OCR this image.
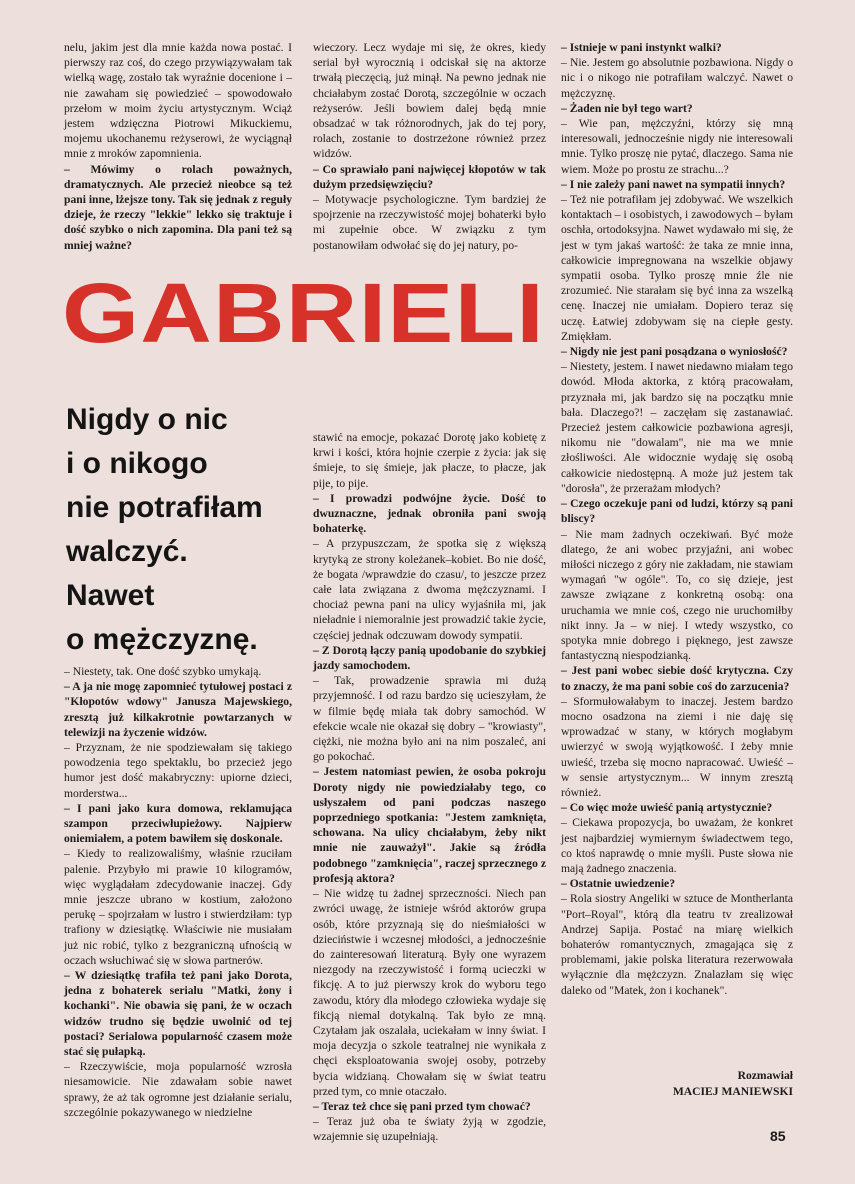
GABRIELI
Nigdy o nic
i o nikogo
nie potrafiłam
walczyć.
Nawet
o mężczyznę.

nelu, jakim jest dla mnie każda nowa postać. I pierwszy raz coś, do czego przywiązywałam tak wielką wagę, zostało tak wyraźnie docenione i – nie zawaham się powiedzieć – spowodowało przełom w moim życiu artystycznym. Wciąż jestem wdzięczna Piotrowi Mikuckiemu, mojemu ukochanemu reżyserowi, że wyciągnął mnie z mroków zapomnienia.

– Mówimy o rolach poważnych, dramatycznych. Ale przecież nieobce są też pani inne, lżejsze tony. Tak się jednak z reguły dzieje, że rzeczy "lekkie" lekko się traktuje i dość szybko o nich zapomina. Dla pani też są mniej ważne?

wieczory. Lecz wydaje mi się, że okres, kiedy serial był wyrocznią i odciskał się na aktorze trwałą pieczęcią, już minął. Na pewno jednak nie chciałabym zostać Dorotą, szczególnie w oczach reżyserów. Jeśli bowiem dalej będą mnie obsadzać w tak różnorodnych, jak do tej pory, rolach, zostanie to dostrzeżone również przez widzów.

– Co sprawiało pani najwięcej kłopotów w tak dużym przedsięwzięciu?

– Motywacje psychologiczne. Tym bardziej że spojrzenie na rzeczywistość mojej bohaterki było mi zupełnie obce. W związku z tym postanowiłam odwołać się do jej natury, po-

– Niestety, tak. One dość szybko umykają.

– A ja nie mogę zapomnieć tytułowej postaci z "Kłopotów wdowy" Janusza Majewskiego, zresztą już kilkakrotnie powtarzanych w telewizji na życzenie widzów.

– Przyznam, że nie spodziewałam się takiego powodzenia tego spektaklu, bo przecież jego humor jest dość makabryczny: upiorne dzieci, morderstwa...

– I pani jako kura domowa, reklamująca szampon przeciwłupieżowy. Najpierw oniemiałem, a potem bawiłem się doskonale.

– Kiedy to realizowaliśmy, właśnie rzuciłam palenie. Przybyło mi prawie 10 kilogramów, więc wyglądałam zdecydowanie inaczej. Gdy mnie jeszcze ubrano w kostium, założono perukę – spojrzałam w lustro i stwierdziłam: typ trafiony w dziesiątkę. Właściwie nie musiałam już nic robić, tylko z bezgraniczną ufnością w oczach wsłuchiwać się w słowa partnerów.

– W dziesiątkę trafiła też pani jako Dorota, jedna z bohaterek serialu "Matki, żony i kochanki". Nie obawia się pani, że w oczach widzów trudno się będzie uwolnić od tej postaci? Serialowa popularność czasem może stać się pułapką.

– Rzeczywiście, moja popularność wzrosła niesamowicie. Nie zdawałam sobie nawet sprawy, że aż tak ogromne jest działanie serialu, szczególnie pokazywanego w niedzielne

stawić na emocje, pokazać Dorotę jako kobietę z krwi i kości, która hojnie czerpie z życia: jak się śmieje, to się śmieje, jak płacze, to płacze, jak pije, to pije.

– I prowadzi podwójne życie. Dość to dwuznaczne, jednak obroniła pani swoją bohaterkę.

– A przypuszczam, że spotka się z większą krytyką ze strony koleżanek–kobiet. Bo nie dość, że bogata /wprawdzie do czasu/, to jeszcze przez całe lata związana z dwoma mężczyznami. I chociaż pewna pani na ulicy wyjaśniła mi, jak nieładnie i niemoralnie jest prowadzić takie życie, częściej jednak odczuwam dowody sympatii.

– Z Dorotą łączy panią upodobanie do szybkiej jazdy samochodem.

– Tak, prowadzenie sprawia mi dużą przyjemność. I od razu bardzo się ucieszyłam, że w filmie będę miała tak dobry samochód. W efekcie wcale nie okazał się dobry – "krowiasty", ciężki, nie można było ani na nim poszaleć, ani go pokochać.

– Jestem natomiast pewien, że osoba pokroju Doroty nigdy nie powiedziałaby tego, co usłyszałem od pani podczas naszego poprzedniego spotkania: "Jestem zamknięta, schowana. Na ulicy chciałabym, żeby nikt mnie nie zauważył". Jakie są źródła podobnego "zamknięcia", raczej sprzecznego z profesją aktora?

– Nie widzę tu żadnej sprzeczności. Niech pan zwróci uwagę, że istnieje wśród aktorów grupa osób, które przyznają się do nieśmiałości w dzieciństwie i wczesnej młodości, a jednocześnie do zainteresowań literaturą. Były one wyrazem niezgody na rzeczywistość i formą ucieczki w fikcję. A to już pierwszy krok do wyboru tego zawodu, który dla młodego człowieka wydaje się fikcją niemal dotykalną. Tak było ze mną. Czytałam jak oszalała, uciekałam w inny świat. I moja decyzja o szkole teatralnej nie wynikała z chęci eksploatowania swojej osoby, potrzeby bycia widzianą. Chowałam się w świat teatru przed tym, co mnie otaczało.

– Teraz też chce się pani przed tym chować?

– Teraz już oba te światy żyją w zgodzie, wzajemnie się uzupełniają.

– Istnieje w pani instynkt walki?

– Nie. Jestem go absolutnie pozbawiona. Nigdy o nic i o nikogo nie potrafiłam walczyć. Nawet o mężczyznę.

– Żaden nie był tego wart?

– Wie pan, mężczyźni, którzy się mną interesowali, jednocześnie nigdy nie interesowali mnie. Tylko proszę nie pytać, dlaczego. Sama nie wiem. Może po prostu ze strachu...?

– I nie zależy pani nawet na sympatii innych?

– Też nie potrafiłam jej zdobywać. We wszelkich kontaktach – i osobistych, i zawodowych – byłam oschła, ortodoksyjna. Nawet wydawało mi się, że jest w tym jakaś wartość: że taka ze mnie inna, całkowicie impregnowana na wszelkie objawy sympatii osoba. Tylko proszę mnie źle nie zrozumieć. Nie starałam się być inna za wszelką cenę. Inaczej nie umiałam. Dopiero teraz się uczę. Łatwiej zdobywam się na ciepłe gesty. Zmiękłam.

– Nigdy nie jest pani posądzana o wyniosłość?

– Niestety, jestem. I nawet niedawno miałam tego dowód. Młoda aktorka, z którą pracowałam, przyznała mi, jak bardzo się na początku mnie bała. Dlaczego?! – zaczęłam się zastanawiać. Przecież jestem całkowicie pozbawiona agresji, nikomu nie "dowalam", nie ma we mnie złośliwości. Ale widocznie wydaję się osobą całkowicie niedostępną. A może już jestem tak "dorosła", że przerażam młodych?

– Czego oczekuje pani od ludzi, którzy są pani bliscy?

– Nie mam żadnych oczekiwań. Być może dlatego, że ani wobec przyjaźni, ani wobec miłości niczego z góry nie zakładam, nie stawiam wymagań "w ogóle". To, co się dzieje, jest zawsze związane z konkretną osobą: ona uruchamia we mnie coś, czego nie uruchomiłby nikt inny. Ja – w niej. I wtedy wszystko, co spotyka mnie dobrego i pięknego, jest zawsze fantastyczną niespodzianką.

– Jest pani wobec siebie dość krytyczna. Czy to znaczy, że ma pani sobie coś do zarzucenia?

– Sformułowałabym to inaczej. Jestem bardzo mocno osadzona na ziemi i nie daję się wprowadzać w stany, w których mogłabym uwierzyć w swoją wyjątkowość. I żeby mnie uwieść, trzeba się mocno napracować. Uwieść – w sensie artystycznym... W innym zresztą również.

– Co więc może uwieść panią artystycznie?

– Ciekawa propozycja, bo uważam, że konkret jest najbardziej wymiernym świadectwem tego, co ktoś naprawdę o mnie myśli. Puste słowa nie mają żadnego znaczenia.

– Ostatnie uwiedzenie?

– Rola siostry Angeliki w sztuce de Montherlanta "Port–Royal", którą dla teatru tv zrealizował Andrzej Sapija. Postać na miarę wielkich bohaterów romantycznych, zmagająca się z problemami, jakie polska literatura rezerwowała wyłącznie dla mężczyzn. Znalazłam się więc daleko od "Matek, żon i kochanek".

Rozmawiał
MACIEJ MANIEWSKI
85
